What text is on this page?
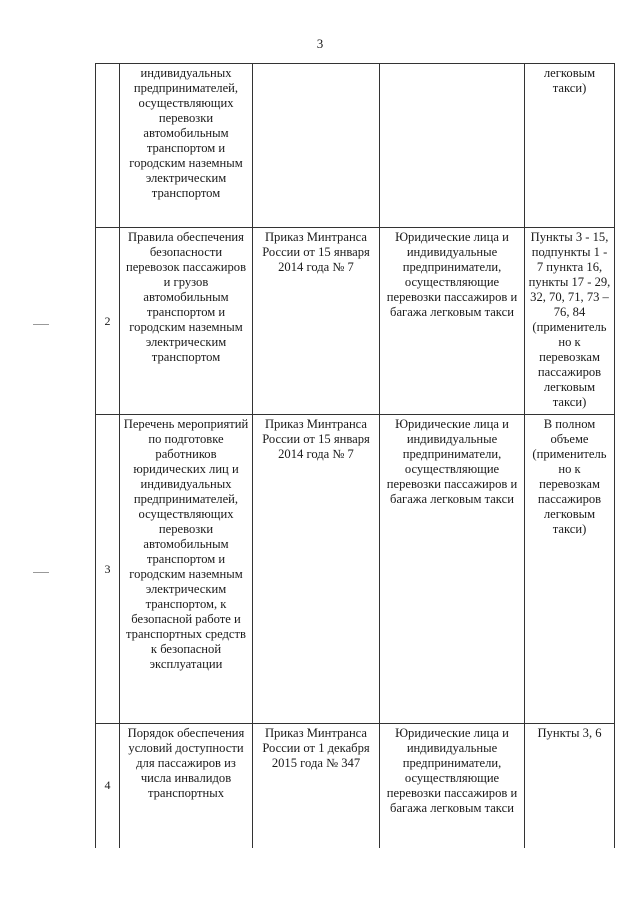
3
	индивидуальных предпринимателей, осуществляющих перевозки автомобильным транспортом и городским наземным электрическим транспортом			легковым такси)
2	Правила обеспечения безопасности перевозок пассажиров и грузов автомобильным транспортом и городским наземным электрическим транспортом	Приказ Минтранса России от 15 января 2014 года № 7	Юридические лица и индивидуальные предприниматели, осуществляющие перевозки пассажиров и багажа легковым такси	Пункты 3 - 15, подпункты 1 - 7 пункта 16, пункты 17 - 29, 32, 70, 71, 73 – 76, 84 (применитель но к перевозкам пассажиров легковым такси)
3	Перечень мероприятий по подготовке работников юридических лиц и индивидуальных предпринимателей, осуществляющих перевозки автомобильным транспортом и городским наземным электрическим транспортом, к безопасной работе и транспортных средств к безопасной эксплуатации	Приказ Минтранса России от 15 января 2014 года № 7	Юридические лица и индивидуальные предприниматели, осуществляющие перевозки пассажиров и багажа легковым такси	В полном объеме (применитель но к перевозкам пассажиров легковым такси)
4	Порядок обеспечения условий доступности для пассажиров из числа инвалидов транспортных	Приказ Минтранса России от 1 декабря 2015 года № 347	Юридические лица и индивидуальные предприниматели, осуществляющие перевозки пассажиров и багажа легковым такси	Пункты 3, 6
